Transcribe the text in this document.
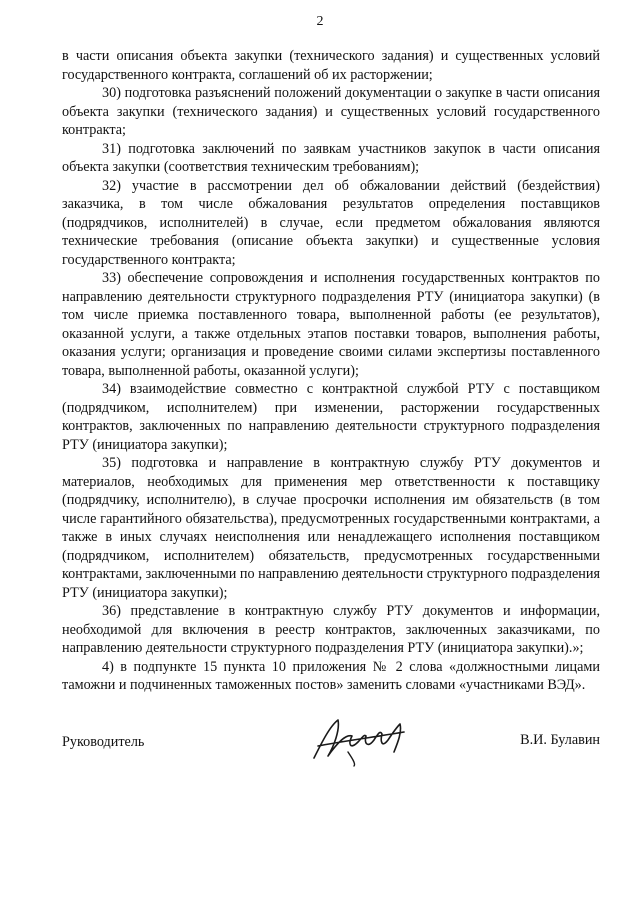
2

в части описания объекта закупки (технического задания) и существенных условий государственного контракта, соглашений об их расторжении;

30) подготовка разъяснений положений документации о закупке в части описания объекта закупки (технического задания) и существенных условий государственного контракта;

31) подготовка заключений по заявкам участников закупок в части описания объекта закупки (соответствия техническим требованиям);

32) участие в рассмотрении дел об обжаловании действий (бездействия) заказчика, в том числе обжалования результатов определения поставщиков (подрядчиков, исполнителей) в случае, если предметом обжалования являются технические требования (описание объекта закупки) и существенные условия государственного контракта;

33) обеспечение сопровождения и исполнения государственных контрактов по направлению деятельности структурного подразделения РТУ (инициатора закупки) (в том числе приемка поставленного товара, выполненной работы (ее результатов), оказанной услуги, а также отдельных этапов поставки товаров, выполнения работы, оказания услуги; организация и проведение своими силами экспертизы поставленного товара, выполненной работы, оказанной услуги);

34) взаимодействие совместно с контрактной службой РТУ с поставщиком (подрядчиком, исполнителем) при изменении, расторжении государственных контрактов, заключенных по направлению деятельности структурного подразделения РТУ (инициатора закупки);

35) подготовка и направление в контрактную службу РТУ документов и материалов, необходимых для применения мер ответственности к поставщику (подрядчику, исполнителю), в случае просрочки исполнения им обязательств (в том числе гарантийного обязательства), предусмотренных государственными контрактами, а также в иных случаях неисполнения или ненадлежащего исполнения поставщиком (подрядчиком, исполнителем) обязательств, предусмотренных государственными контрактами, заключенными по направлению деятельности структурного подразделения РТУ (инициатора закупки);

36) представление в контрактную службу РТУ документов и информации, необходимой для включения в реестр контрактов, заключенных заказчиками, по направлению деятельности структурного подразделения РТУ (инициатора закупки).»;

4) в подпункте 15 пункта 10 приложения № 2 слова «должностными лицами таможни и подчиненных таможенных постов» заменить словами «участниками ВЭД».

Руководитель	В.И. Булавин
